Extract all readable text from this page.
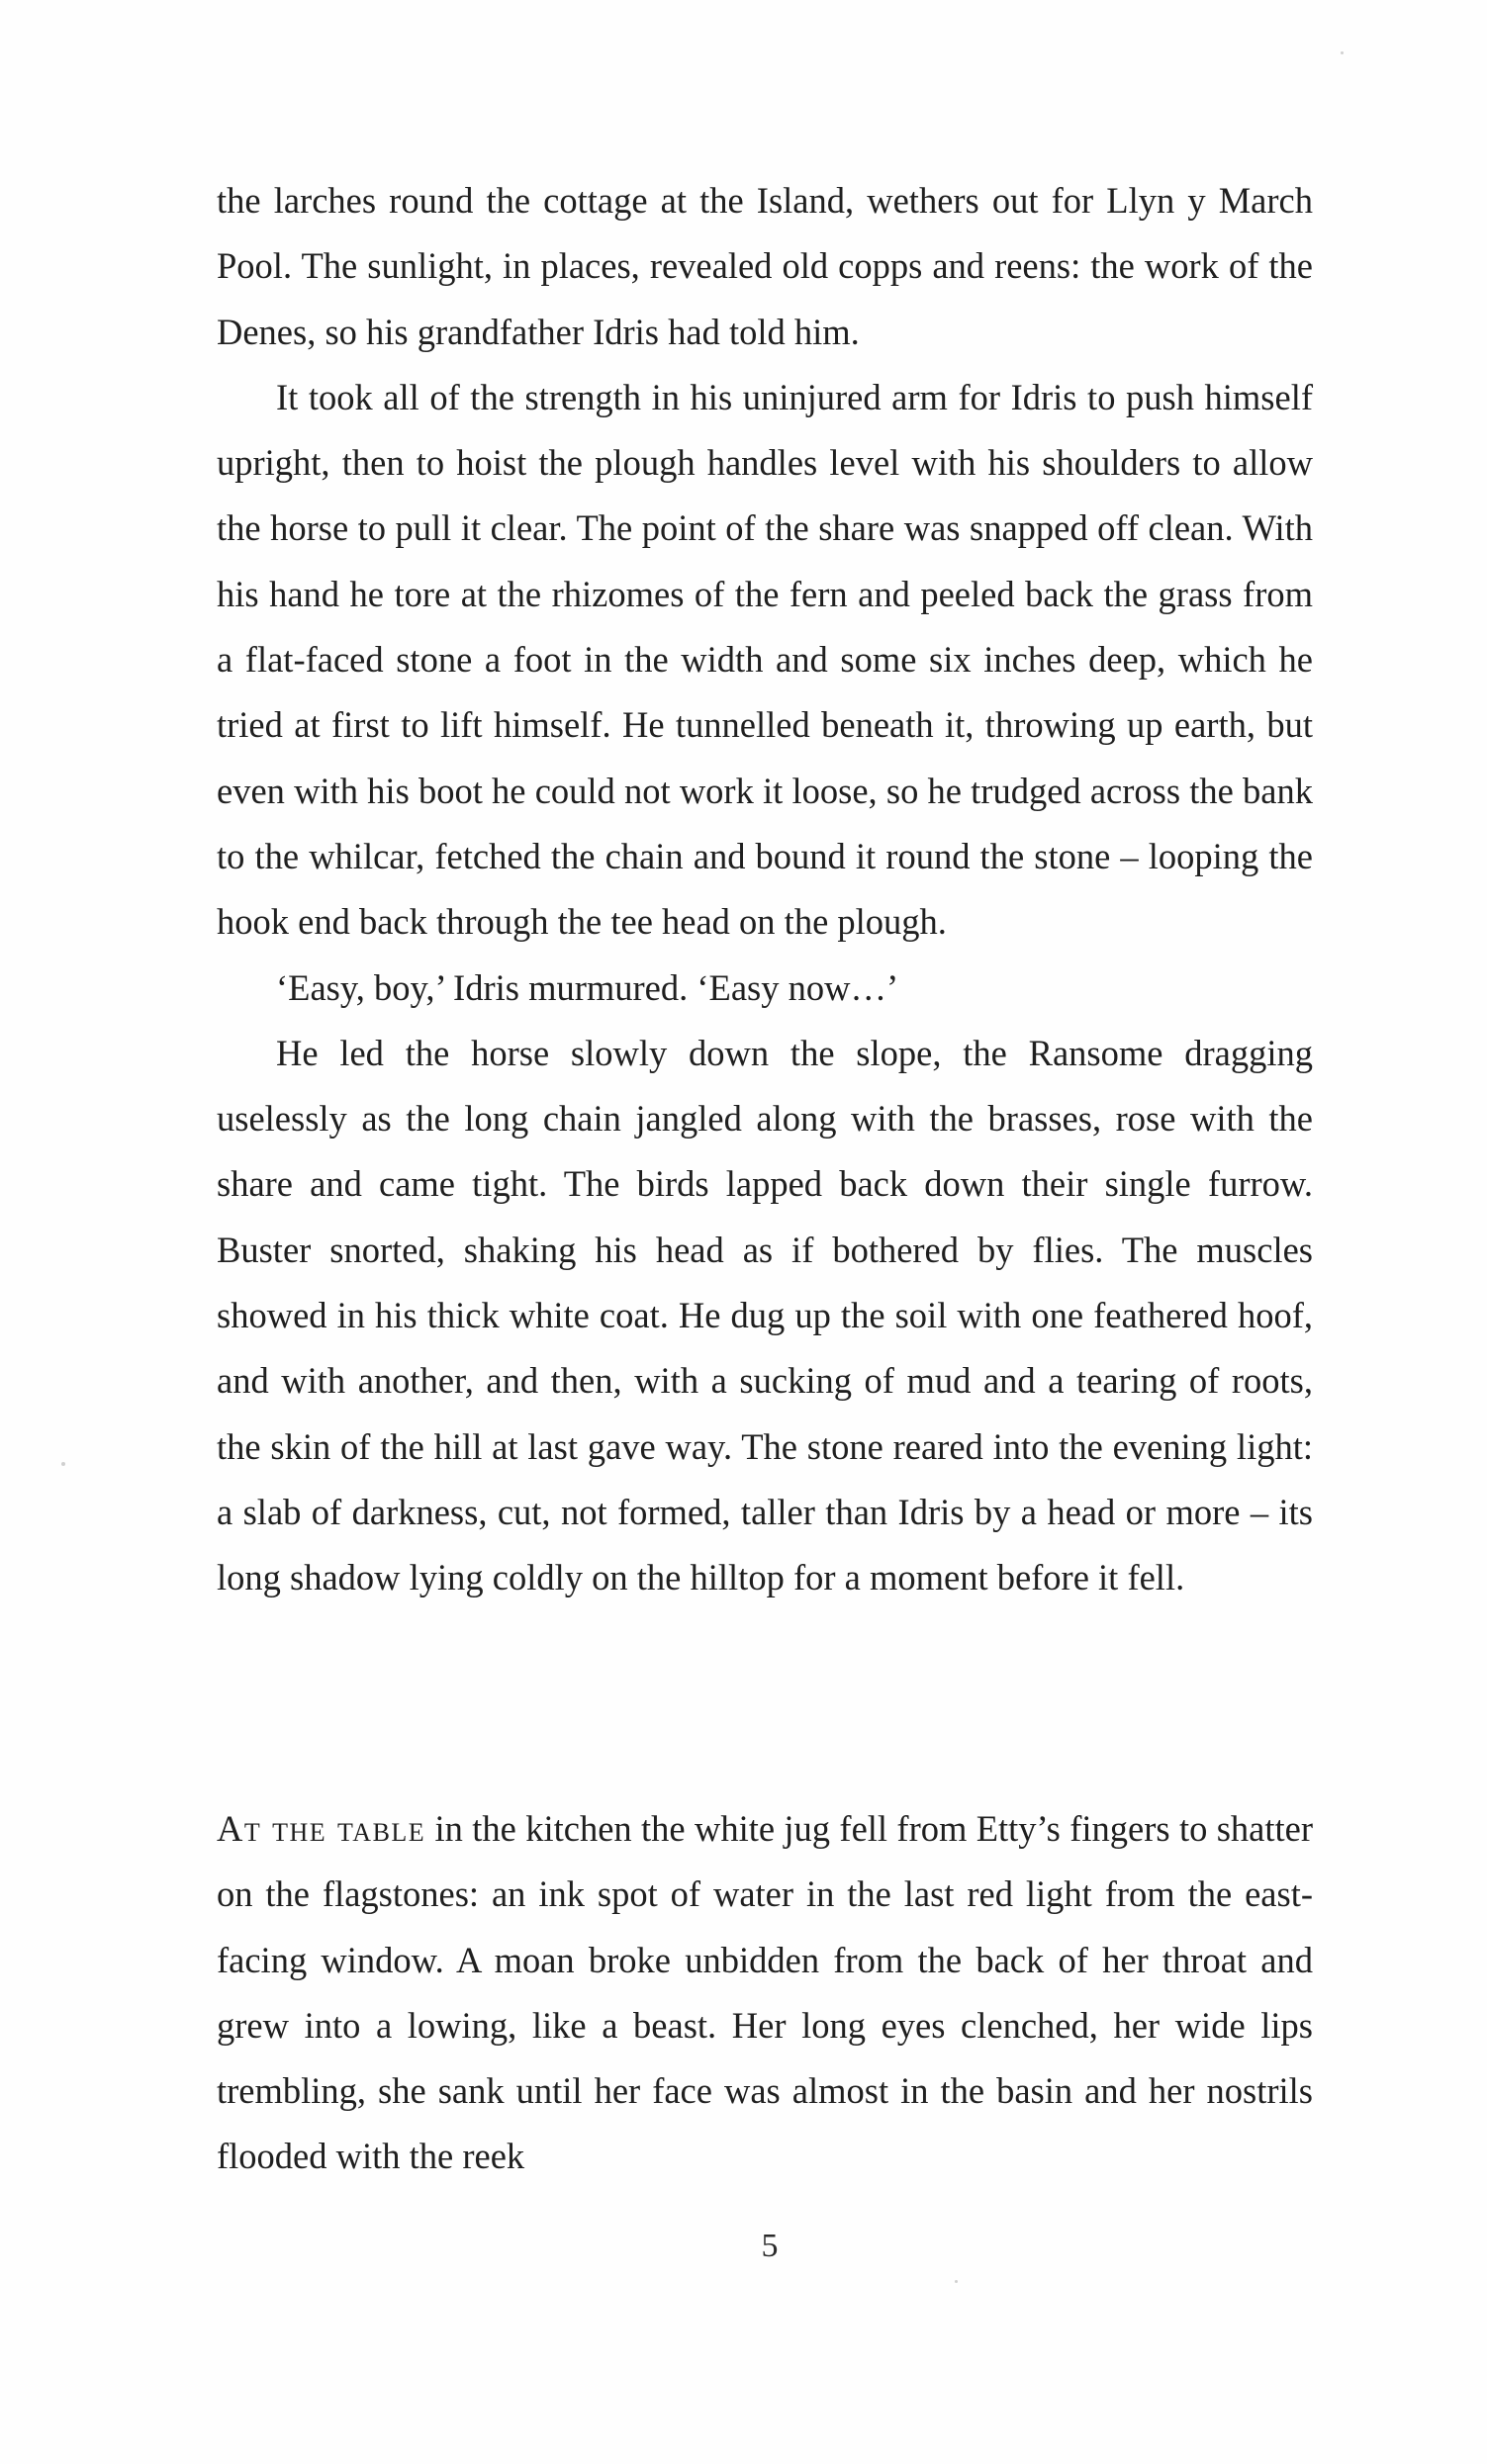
the larches round the cottage at the Island, wethers out for Llyn y March Pool. The sunlight, in places, revealed old copps and reens: the work of the Denes, so his grandfather Idris had told him.

It took all of the strength in his uninjured arm for Idris to push himself upright, then to hoist the plough handles level with his shoulders to allow the horse to pull it clear. The point of the share was snapped off clean. With his hand he tore at the rhizomes of the fern and peeled back the grass from a flat-faced stone a foot in the width and some six inches deep, which he tried at first to lift himself. He tunnelled beneath it, throwing up earth, but even with his boot he could not work it loose, so he trudged across the bank to the whilcar, fetched the chain and bound it round the stone – looping the hook end back through the tee head on the plough.

‘Easy, boy,’ Idris murmured. ‘Easy now…’

He led the horse slowly down the slope, the Ransome dragging uselessly as the long chain jangled along with the brasses, rose with the share and came tight. The birds lapped back down their single furrow. Buster snorted, shaking his head as if bothered by flies. The muscles showed in his thick white coat. He dug up the soil with one feathered hoof, and with another, and then, with a sucking of mud and a tearing of roots, the skin of the hill at last gave way. The stone reared into the evening light: a slab of darkness, cut, not formed, taller than Idris by a head or more – its long shadow lying coldly on the hilltop for a moment before it fell.

At the table in the kitchen the white jug fell from Etty’s fingers to shatter on the flagstones: an ink spot of water in the last red light from the east-facing window. A moan broke unbidden from the back of her throat and grew into a lowing, like a beast. Her long eyes clenched, her wide lips trembling, she sank until her face was almost in the basin and her nostrils flooded with the reek

5
